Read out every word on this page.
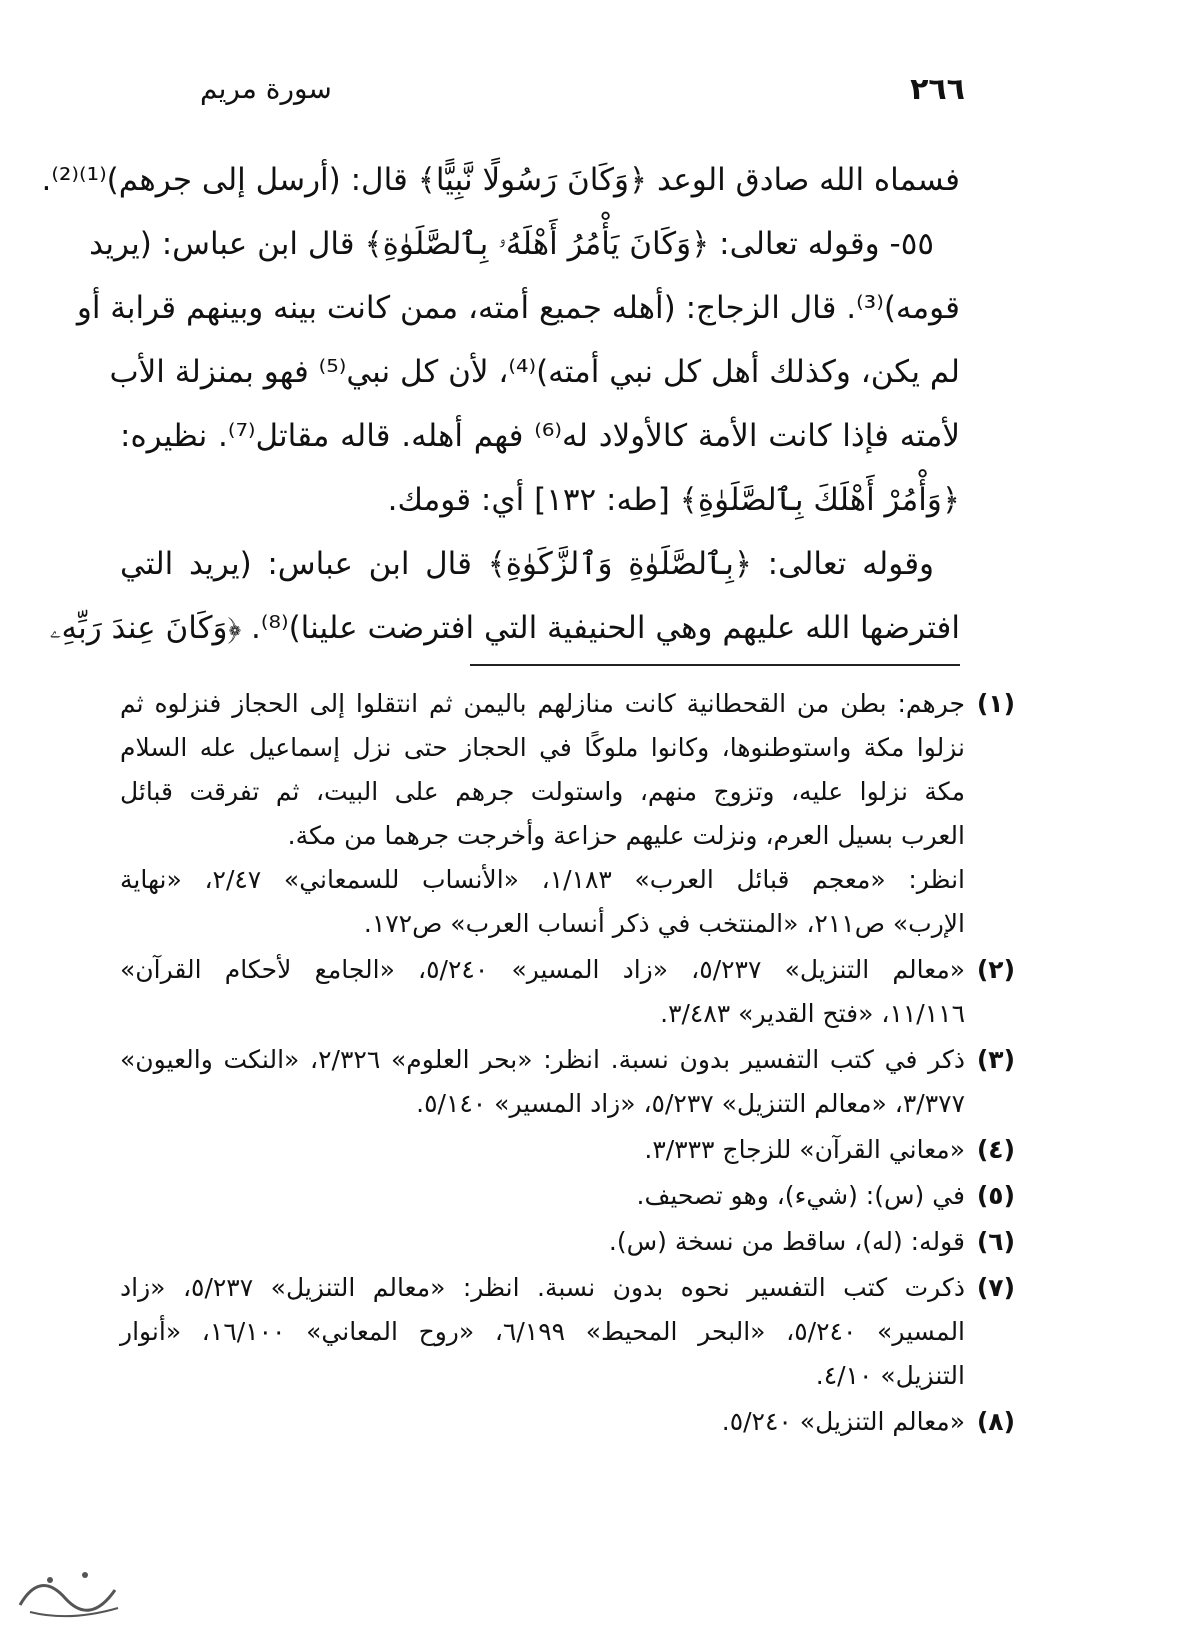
٢٦٦
سورة مريم
فسماه الله صادق الوعد ﴿وَكَانَ رَسُولًا نَّبِيًّا﴾ قال: (أرسل إلى جرهم)⁽¹⁾⁽²⁾.
٥٥- وقوله تعالى: ﴿وَكَانَ يَأْمُرُ أَهْلَهُۥ بِٱلصَّلَوٰةِ﴾ قال ابن عباس: (يريد
قومه)⁽³⁾. قال الزجاج: (أهله جميع أمته، ممن كانت بينه وبينهم قرابة أو
لم يكن، وكذلك أهل كل نبي أمته)⁽⁴⁾، لأن كل نبي⁽⁵⁾ فهو بمنزلة الأب
لأمته فإذا كانت الأمة كالأولاد له⁽⁶⁾ فهم أهله. قاله مقاتل⁽⁷⁾. نظيره:
﴿وَأْمُرْ أَهْلَكَ بِٱلصَّلَوٰةِ﴾ [طه: ١٣٢] أي: قومك.
وقوله تعالى: ﴿بِٱلصَّلَوٰةِ وَٱلزَّكَوٰةِ﴾ قال ابن عباس: (يريد التي
افترضها الله عليهم وهي الحنيفية التي افترضت علينا)⁽⁸⁾. ﴿وَكَانَ عِندَ رَبِّهِۦ
(١)
جرهم: بطن من القحطانية كانت منازلهم باليمن ثم انتقلوا إلى الحجاز فنزلوه ثم
نزلوا مكة واستوطنوها، وكانوا ملوكًا في الحجاز حتى نزل إسماعيل عله السلام
مكة نزلوا عليه، وتزوج منهم، واستولت جرهم على البيت، ثم تفرقت قبائل
العرب بسيل العرم، ونزلت عليهم حزاعة وأخرجت جرهما من مكة.
انظر: «معجم قبائل العرب» ١/١٨٣، «الأنساب للسمعاني» ٢/٤٧، «نهاية
الإرب» ص٢١١، «المنتخب في ذكر أنساب العرب» ص١٧٢.
(٢)
«معالم التنزيل» ٥/٢٣٧، «زاد المسير» ٥/٢٤٠، «الجامع لأحكام القرآن»
١١/١١٦، «فتح القدير» ٣/٤٨٣.
(٣)
ذكر في كتب التفسير بدون نسبة. انظر: «بحر العلوم» ٢/٣٢٦، «النكت والعيون»
٣/٣٧٧، «معالم التنزيل» ٥/٢٣٧، «زاد المسير» ٥/١٤٠.
(٤)
«معاني القرآن» للزجاج ٣/٣٣٣.
(٥)
في (س): (شيء)، وهو تصحيف.
(٦)
قوله: (له)، ساقط من نسخة (س).
(٧)
ذكرت كتب التفسير نحوه بدون نسبة. انظر: «معالم التنزيل» ٥/٢٣٧، «زاد
المسير» ٥/٢٤٠، «البحر المحيط» ٦/١٩٩، «روح المعاني» ١٦/١٠٠، «أنوار
التنزيل» ٤/١٠.
(٨)
«معالم التنزيل» ٥/٢٤٠.
